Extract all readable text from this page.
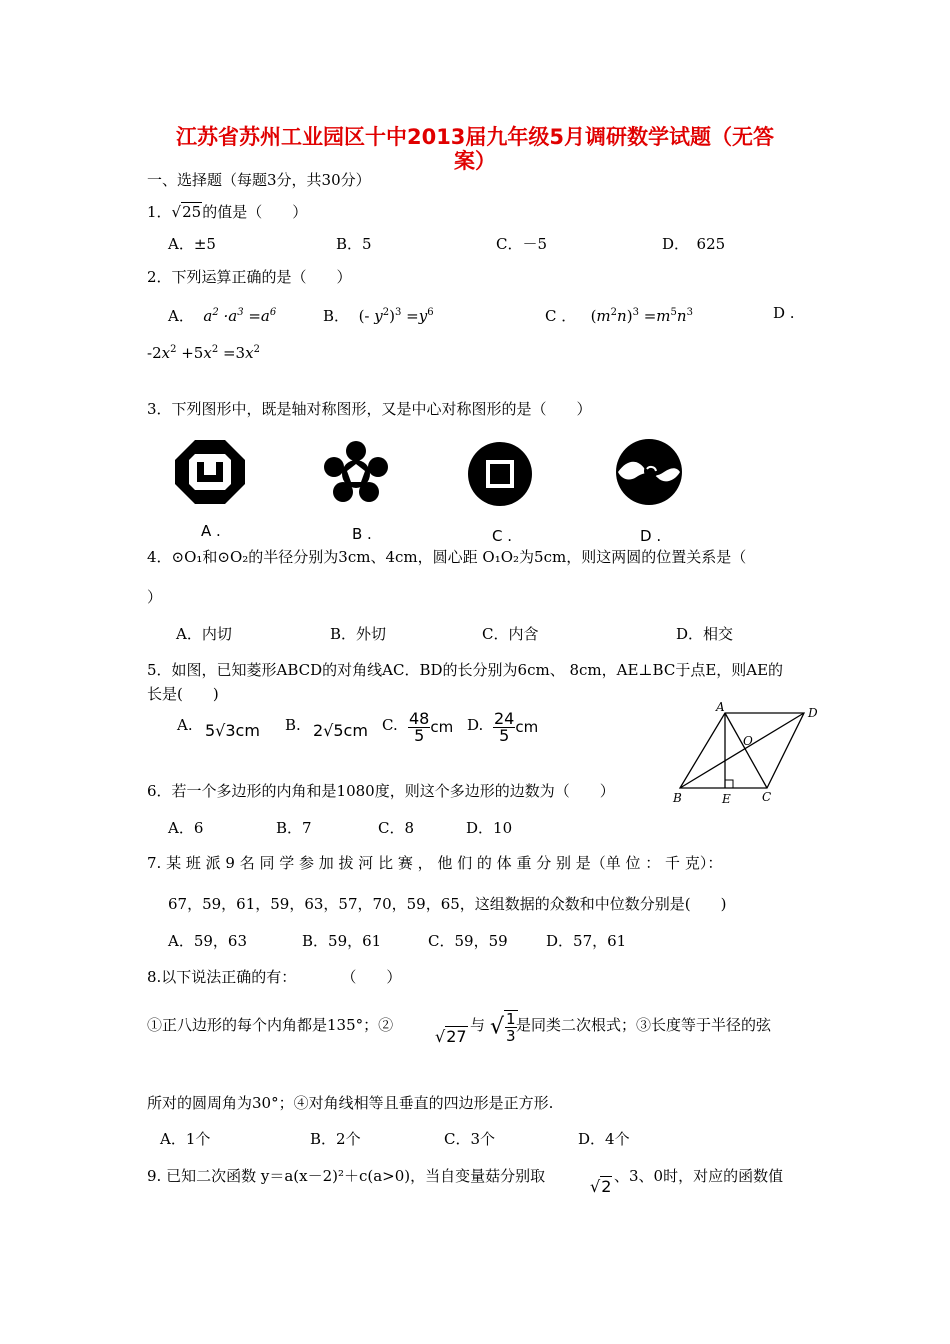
江苏省苏州工业园区十中2013届九年级5月调研数学试题（无答
案）
一、选择题（每题3分，共30分）
1．√25的值是（　　）
A．±5	B．5	C．－5	D．　625
2．下列运算正确的是（　　）
A．  $a^2 \cdot a^3 =a^6$	B．  (- $y^2)^3 =y^6$	C ．   $(m^2n)^3 =m^5n^3$	D .
$-2x^2 +5x^2 =3x^2$
3．下列图形中，既是轴对称图形，又是中心对称图形的是（　　）
A .	B .	C .	D .
4．⊙O₁和⊙O₂的半径分别为3cm、4cm，圆心距 O₁O₂为5cm，则这两圆的位置关系是（
）
A．内切	B．外切	C．内含	D．相交
5．如图，已知菱形ABCD的对角线AC．BD的长分别为6cm、 8cm，AE⊥BC于点E，则AE的
长是(　　)
A. 5√3cm B. 2√5cm C. $\frac{48}{5}$ cm D. $\frac{24}{5}$ cm
A	D
B	E	C
O
6．若一个多边形的内角和是1080度，则这个多边形的边数为（　　）
A．6	B．7	C．8	D．10
7. 某 班 派 9 名 同 学 参 加 拔 河 比 赛 ， 他 们 的 体 重 分 别 是（单 位 ： 千 克）：
67，59，61，59，63，57，70，59，65，这组数据的众数和中位数分别是(　　)
A．59，63	B．59，61	C．59，59	D．57，61
8.以下说法正确的有：　　　　（　　）
①正八边形的每个内角都是135°；②
√27
与 √ $\frac{1}{3}$
是同类二次根式；③长度等于半径的弦
所对的圆周角为30°；④对角线相等且垂直的四边形是正方形.
A．1个	B．2个	C．3个	D．4个
9. 已知二次函数 y＝a(x－2)²＋c(a>0)，当自变量菇分别取
√2
、3、0时，对应的函数值
